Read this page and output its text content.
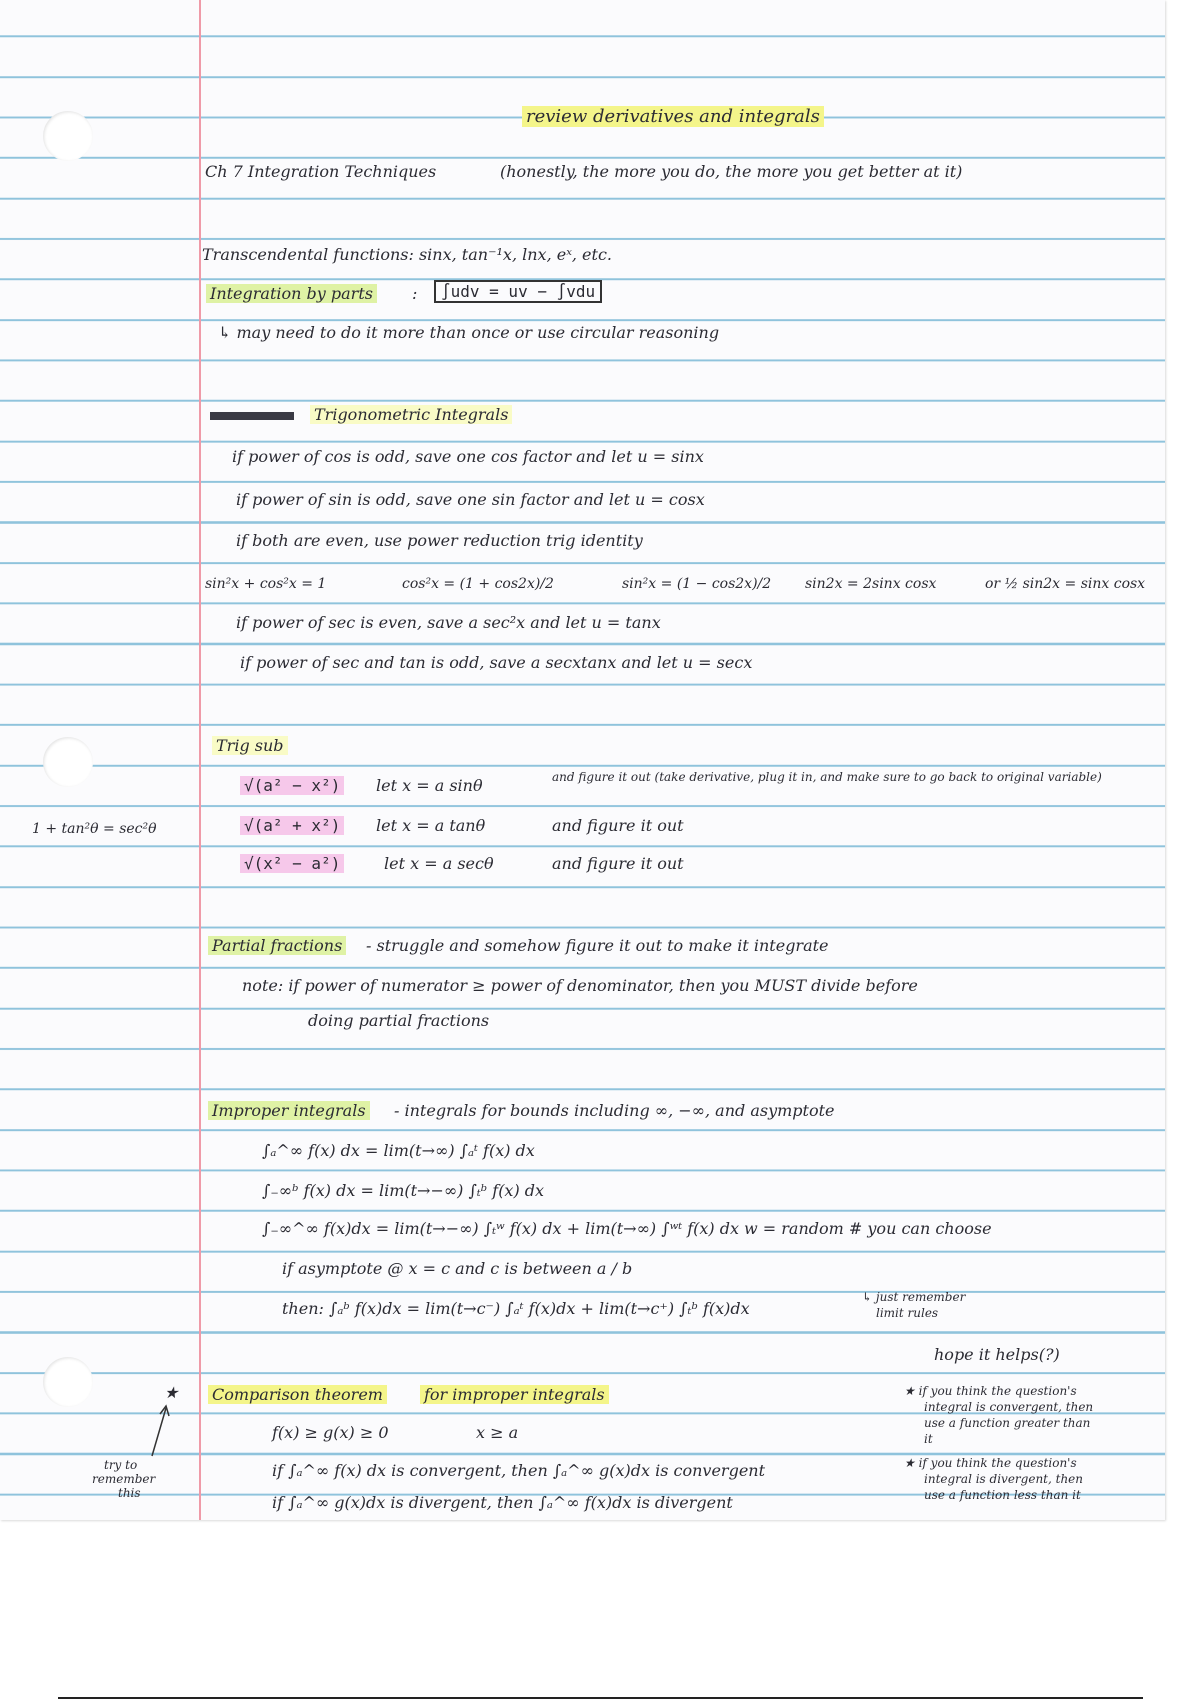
review derivatives and integrals
Ch 7 Integration Techniques	(honestly, the more you do, the more you get better at it)
Transcendental functions: sinx, tan⁻¹x, lnx, eˣ, etc.
Integration by parts :	∫udv = uv − ∫vdu
↳ may need to do it more than once or use circular reasoning
Trigonometric Integrals
if power of cos is odd, save one cos factor and let u = sinx
if power of sin is odd, save one sin factor and let u = cosx
if both are even, use power reduction trig identity
sin²x + cos²x = 1	cos²x = (1 + cos2x)/2	sin²x = (1 − cos2x)/2 sin2x = 2sinx cosx	or ½ sin2x = sinx cosx
if power of sec is even, save a sec²x and let u = tanx
if power of sec and tan is odd, save a secxtanx and let u = secx
Trig sub
1 + tan²θ = sec²θ
√(a² − x²) let x = a sinθ	and figure it out (take derivative, plug it in, and make sure to go back to original variable)
√(a² + x²) let x = a tanθ	and figure it out
√(x² − a²)	let x = a secθ	and figure it out
Partial fractions - struggle and somehow figure it out to make it integrate
note: if power of numerator ≥ power of denominator, then you MUST divide before
doing partial fractions
Improper integrals - integrals for bounds including ∞, −∞, and asymptote
∫ₐ^∞ f(x) dx = lim(t→∞) ∫ₐᵗ f(x) dx
∫₋∞ᵇ f(x) dx = lim(t→−∞) ∫ₜᵇ f(x) dx
∫₋∞^∞ f(x)dx = lim(t→−∞) ∫ₜʷ f(x) dx + lim(t→∞) ∫ʷᵗ f(x) dx w = random # you can choose
if asymptote @ x = c and c is between a / b
then: ∫ₐᵇ f(x)dx = lim(t→c⁻) ∫ₐᵗ f(x)dx + lim(t→c⁺) ∫ₜᵇ f(x)dx
↳ just remember
limit rules
hope it helps(?)
★ Comparison theorem	for improper integrals
f(x) ≥ g(x) ≥ 0	x ≥ a
if ∫ₐ^∞ f(x) dx is convergent, then ∫ₐ^∞ g(x)dx is convergent
if ∫ₐ^∞ g(x)dx is divergent, then ∫ₐ^∞ f(x)dx is divergent
★ if you think the question's
integral is convergent, then
use a function greater than
it
★ if you think the question's
integral is divergent, then
use a function less than it
try to
remember
this
